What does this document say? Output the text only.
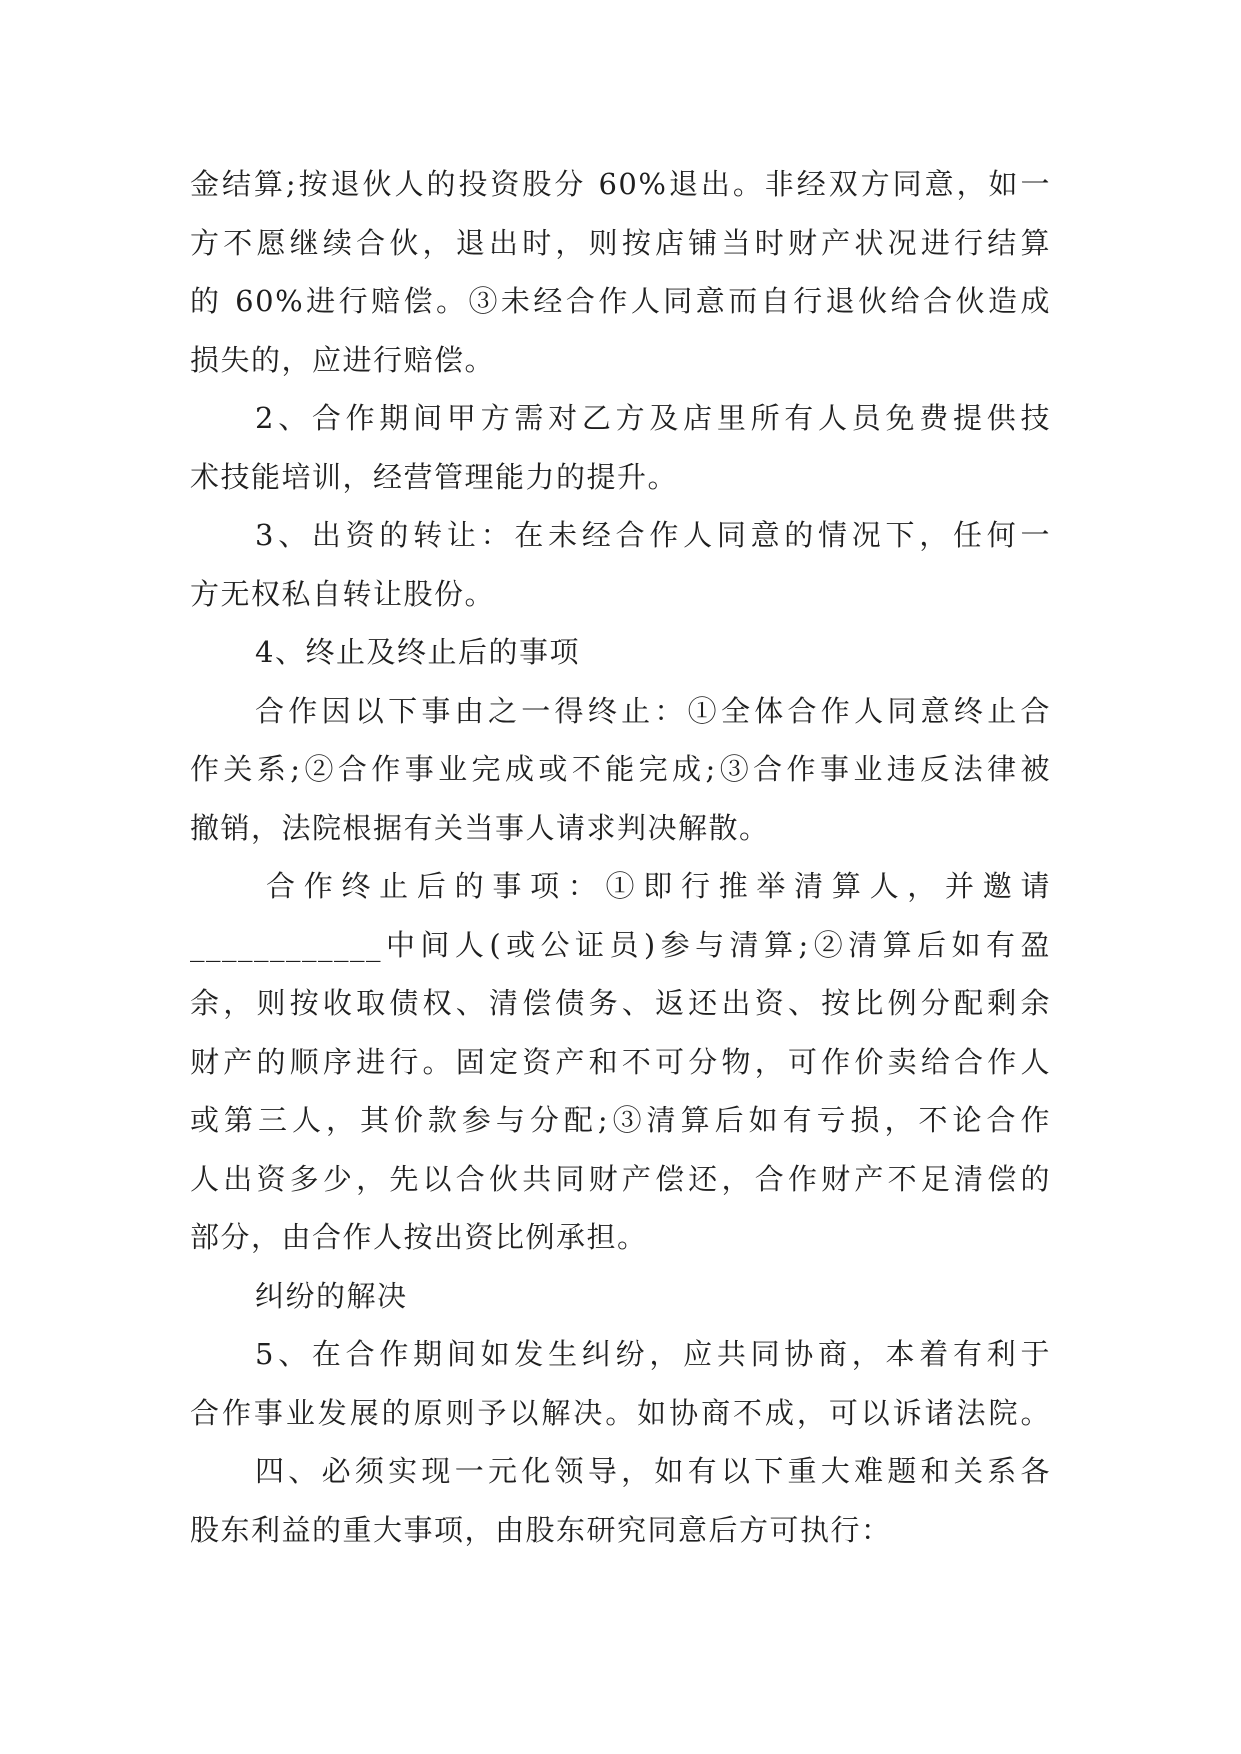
金结算;按退伙人的投资股分 60%退出。非经双方同意，如一
方不愿继续合伙，退出时，则按店铺当时财产状况进行结算
的 60%进行赔偿。③未经合作人同意而自行退伙给合伙造成
损失的，应进行赔偿。
2、合作期间甲方需对乙方及店里所有人员免费提供技
术技能培训，经营管理能力的提升。
3、出资的转让：在未经合作人同意的情况下，任何一
方无权私自转让股份。
4、终止及终止后的事项
合作因以下事由之一得终止：①全体合作人同意终止合
作关系;②合作事业完成或不能完成;③合作事业违反法律被
撤销，法院根据有关当事人请求判决解散。
合作终止后的事项：①即行推举清算人，并邀请
____________中间人(或公证员)参与清算;②清算后如有盈
余，则按收取债权、清偿债务、返还出资、按比例分配剩余
财产的顺序进行。固定资产和不可分物，可作价卖给合作人
或第三人，其价款参与分配;③清算后如有亏损，不论合作
人出资多少，先以合伙共同财产偿还，合作财产不足清偿的
部分，由合作人按出资比例承担。
纠纷的解决
5、在合作期间如发生纠纷，应共同协商，本着有利于
合作事业发展的原则予以解决。如协商不成，可以诉诸法院。
四、必须实现一元化领导，如有以下重大难题和关系各
股东利益的重大事项，由股东研究同意后方可执行：
